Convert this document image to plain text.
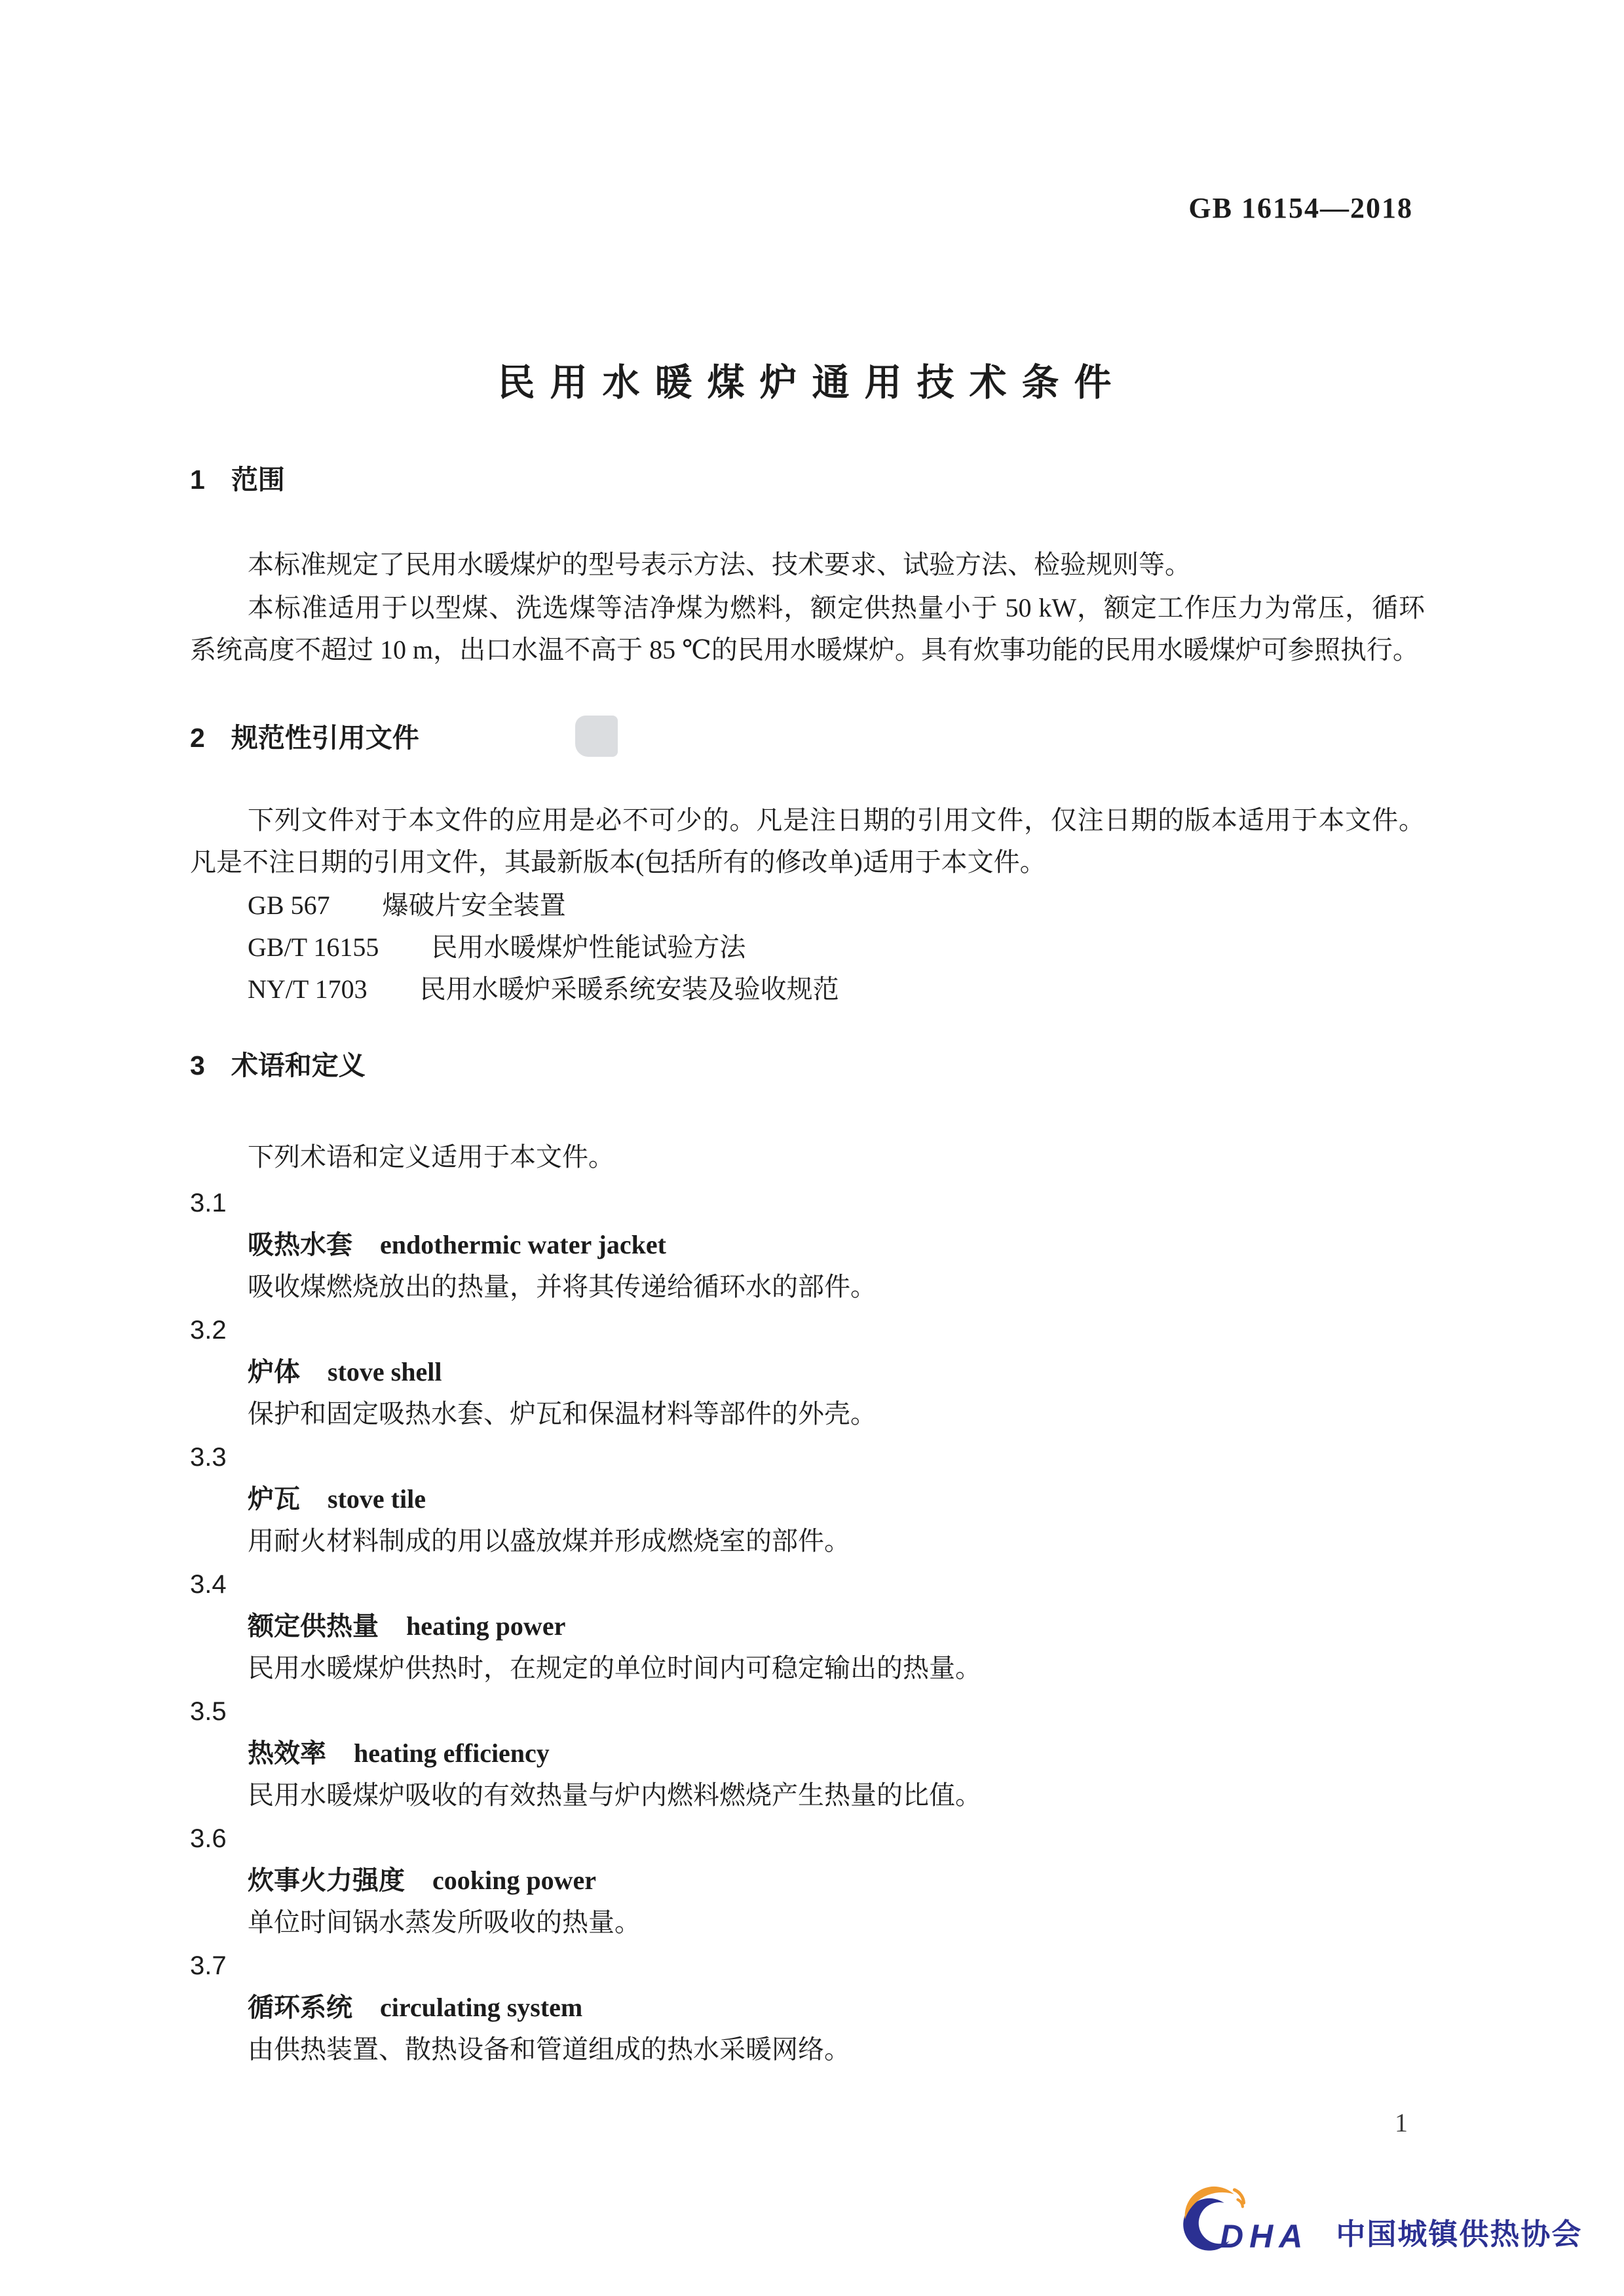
GB 16154—2018
民用水暖煤炉通用技术条件
1 范围

本标准规定了民用水暖煤炉的型号表示方法、技术要求、试验方法、检验规则等。

本标准适用于以型煤、洗选煤等洁净煤为燃料，额定供热量小于 50 kW，额定工作压力为常压，循环系统高度不超过 10 m，出口水温不高于 85 ℃的民用水暖煤炉。具有炊事功能的民用水暖煤炉可参照执行。

2 规范性引用文件

下列文件对于本文件的应用是必不可少的。凡是注日期的引用文件，仅注日期的版本适用于本文件。凡是不注日期的引用文件，其最新版本(包括所有的修改单)适用于本文件。

GB 567 爆破片安全装置
GB/T 16155 民用水暖煤炉性能试验方法
NY/T 1703 民用水暖炉采暖系统安装及验收规范
3 术语和定义

下列术语和定义适用于本文件。

3.1
吸热水套 endothermic water jacket
吸收煤燃烧放出的热量，并将其传递给循环水的部件。
3.2
炉体 stove shell
保护和固定吸热水套、炉瓦和保温材料等部件的外壳。
3.3
炉瓦 stove tile
用耐火材料制成的用以盛放煤并形成燃烧室的部件。
3.4
额定供热量 heating power
民用水暖煤炉供热时，在规定的单位时间内可稳定输出的热量。
3.5
热效率 heating efficiency
民用水暖煤炉吸收的有效热量与炉内燃料燃烧产生热量的比值。
3.6
炊事火力强度 cooking power
单位时间锅水蒸发所吸收的热量。
3.7
循环系统 circulating system
由供热装置、散热设备和管道组成的热水采暖网络。
1
DHA 中国城镇供热协会
